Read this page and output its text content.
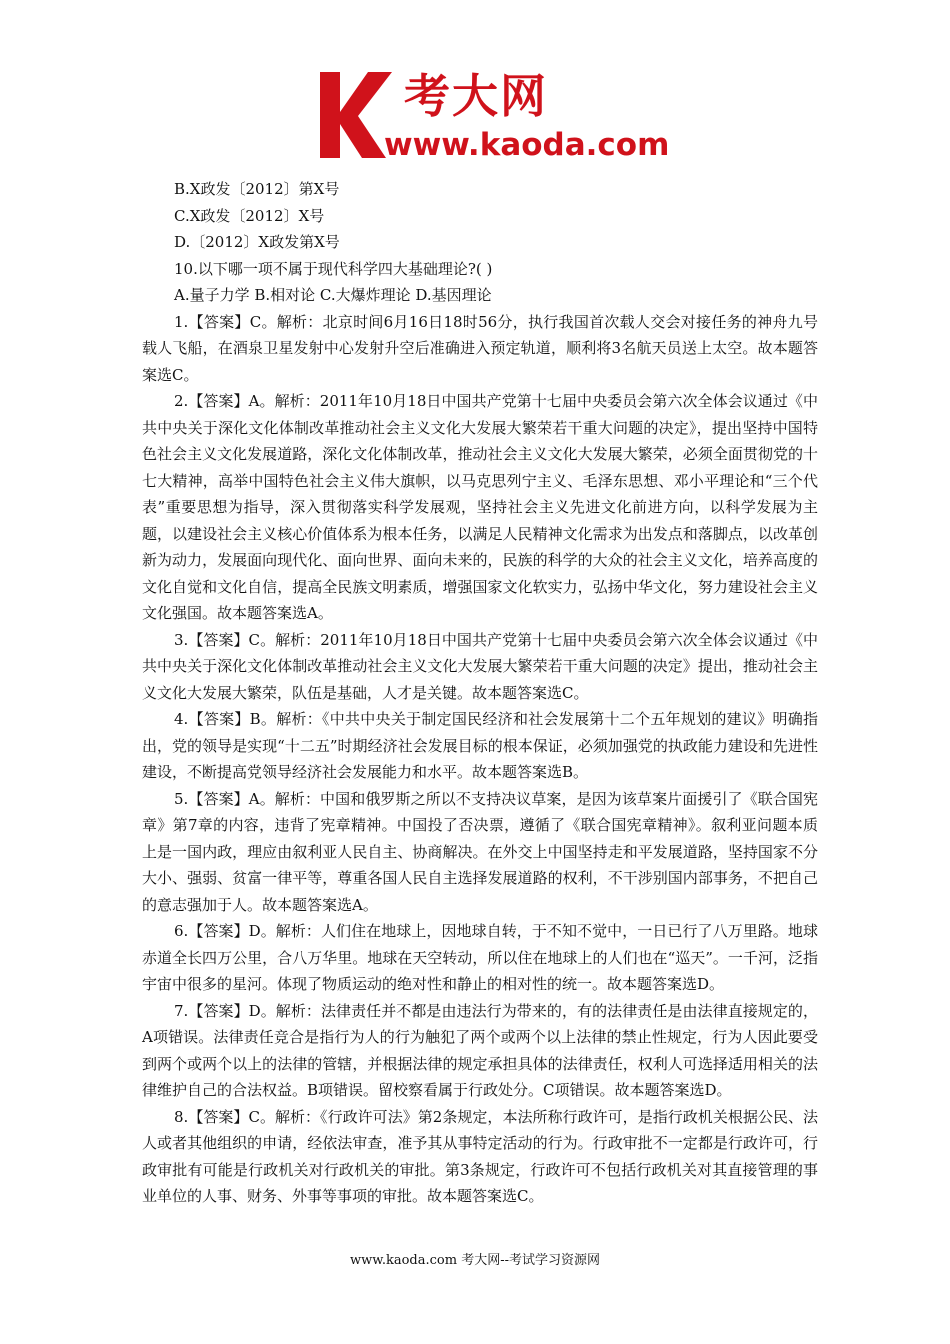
考大网
www.kaoda.com

B.X政发〔2012〕第X号

C.X政发〔2012〕X号

D.〔2012〕X政发第X号

10.以下哪一项不属于现代科学四大基础理论?( )

A.量子力学 B.相对论 C.大爆炸理论 D.基因理论

1.【答案】C。解析：北京时间6月16日18时56分，执行我国首次载人交会对接任务的神舟九号载人飞船，在酒泉卫星发射中心发射升空后准确进入预定轨道，顺利将3名航天员送上太空。故本题答案选C。

2.【答案】A。解析：2011年10月18日中国共产党第十七届中央委员会第六次全体会议通过《中共中央关于深化文化体制改革推动社会主义文化大发展大繁荣若干重大问题的决定》，提出坚持中国特色社会主义文化发展道路，深化文化体制改革，推动社会主义文化大发展大繁荣，必须全面贯彻党的十七大精神，高举中国特色社会主义伟大旗帜，以马克思列宁主义、毛泽东思想、邓小平理论和“三个代表”重要思想为指导，深入贯彻落实科学发展观，坚持社会主义先进文化前进方向，以科学发展为主题，以建设社会主义核心价值体系为根本任务，以满足人民精神文化需求为出发点和落脚点，以改革创新为动力，发展面向现代化、面向世界、面向未来的，民族的科学的大众的社会主义文化，培养高度的文化自觉和文化自信，提高全民族文明素质，增强国家文化软实力，弘扬中华文化，努力建设社会主义文化强国。故本题答案选A。

3.【答案】C。解析：2011年10月18日中国共产党第十七届中央委员会第六次全体会议通过《中共中央关于深化文化体制改革推动社会主义文化大发展大繁荣若干重大问题的决定》提出，推动社会主义文化大发展大繁荣，队伍是基础，人才是关键。故本题答案选C。

4.【答案】B。解析：《中共中央关于制定国民经济和社会发展第十二个五年规划的建议》明确指出，党的领导是实现“十二五”时期经济社会发展目标的根本保证，必须加强党的执政能力建设和先进性建设，不断提高党领导经济社会发展能力和水平。故本题答案选B。

5.【答案】A。解析：中国和俄罗斯之所以不支持决议草案，是因为该草案片面援引了《联合国宪章》第7章的内容，违背了宪章精神。中国投了否决票，遵循了《联合国宪章精神》。叙利亚问题本质上是一国内政，理应由叙利亚人民自主、协商解决。在外交上中国坚持走和平发展道路，坚持国家不分大小、强弱、贫富一律平等，尊重各国人民自主选择发展道路的权利，不干涉别国内部事务，不把自己的意志强加于人。故本题答案选A。

6.【答案】D。解析：人们住在地球上，因地球自转，于不知不觉中，一日已行了八万里路。地球赤道全长四万公里，合八万华里。地球在天空转动，所以住在地球上的人们也在“巡天”。一千河，泛指宇宙中很多的星河。体现了物质运动的绝对性和静止的相对性的统一。故本题答案选D。

7.【答案】D。解析：法律责任并不都是由违法行为带来的，有的法律责任是由法律直接规定的，A项错误。法律责任竞合是指行为人的行为触犯了两个或两个以上法律的禁止性规定，行为人因此要受到两个或两个以上的法律的管辖，并根据法律的规定承担具体的法律责任，权利人可选择适用相关的法律维护自己的合法权益。B项错误。留校察看属于行政处分。C项错误。故本题答案选D。

8.【答案】C。解析：《行政许可法》第2条规定，本法所称行政许可，是指行政机关根据公民、法人或者其他组织的申请，经依法审查，准予其从事特定活动的行为。行政审批不一定都是行政许可，行政审批有可能是行政机关对行政机关的审批。第3条规定，行政许可不包括行政机关对其直接管理的事业单位的人事、财务、外事等事项的审批。故本题答案选C。

www.kaoda.com 考大网--考试学习资源网
